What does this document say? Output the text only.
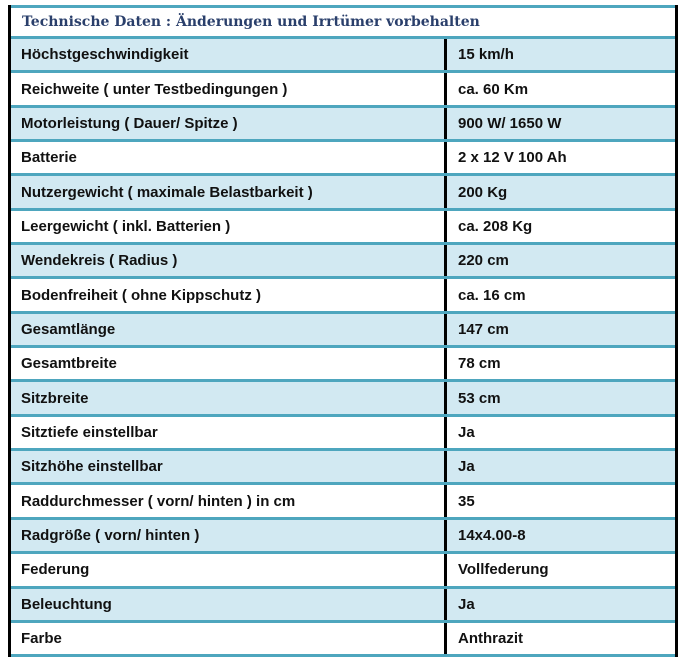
Technische Daten : Änderungen und Irrtümer vorbehalten
Höchstgeschwindigkeit	15 km/h
Reichweite ( unter Testbedingungen )	ca. 60 Km
Motorleistung ( Dauer/ Spitze )	900 W/ 1650 W
Batterie	2 x 12 V 100 Ah
Nutzergewicht ( maximale Belastbarkeit )	200 Kg
Leergewicht ( inkl. Batterien )	ca. 208 Kg
Wendekreis ( Radius )	220 cm
Bodenfreiheit ( ohne Kippschutz )	ca. 16 cm
Gesamtlänge	147 cm
Gesamtbreite	78 cm
Sitzbreite	53 cm
Sitztiefe einstellbar	Ja
Sitzhöhe einstellbar	Ja
Raddurchmesser ( vorn/ hinten ) in cm	35
Radgröße ( vorn/ hinten )	14x4.00-8
Federung	Vollfederung
Beleuchtung	Ja
Farbe	Anthrazit
